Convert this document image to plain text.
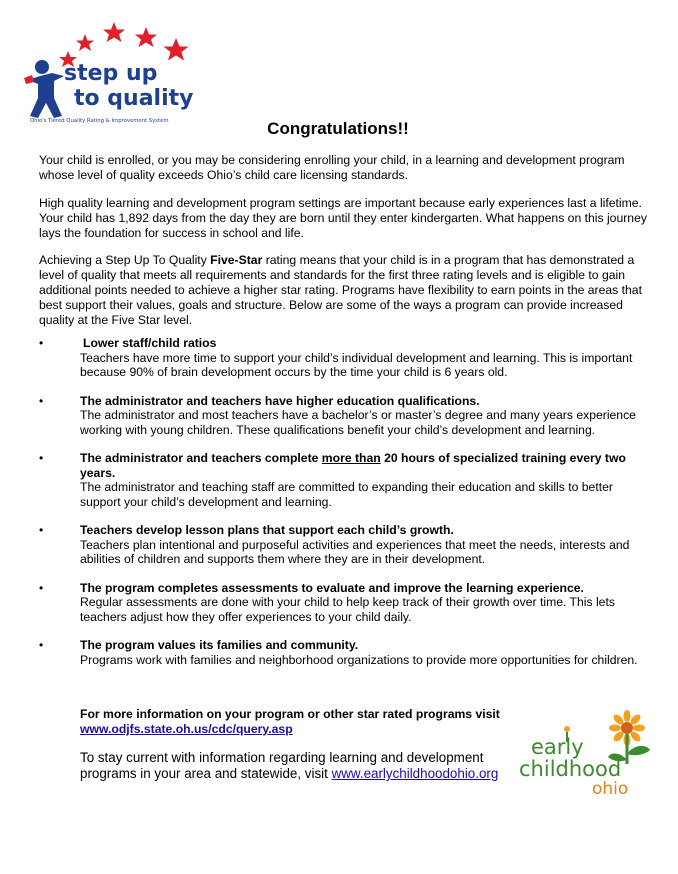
step up
to quality
Ohio's Tiered Quality Rating & Improvement System	Congratulations!!

Your child is enrolled, or you may be considering enrolling your child, in a learning and development program whose level of quality exceeds Ohio’s child care licensing standards.

High quality learning and development program settings are important because early experiences last a lifetime. Your child has 1,892 days from the day they are born until they enter kindergarten. What happens on this journey lays the foundation for success in school and life.

Achieving a Step Up To Quality Five-Star rating means that your child is in a program that has demonstrated a level of quality that meets all requirements and standards for the first three rating levels and is eligible to gain additional points needed to achieve a higher star rating. Programs have flexibility to earn points in the areas that best support their values, goals and structure. Below are some of the ways a program can provide increased quality at the Five Star level.

•	Lower staff/child ratios
Teachers have more time to support your child’s individual development and learning. This is important because 90% of brain development occurs by the time your child is 6 years old.
•	The administrator and teachers have higher education qualifications.
The administrator and most teachers have a bachelor’s or master’s degree and many years experience working with young children. These qualifications benefit your child’s development and learning.
•	The administrator and teachers complete more than 20 hours of specialized training every two years.
The administrator and teaching staff are committed to expanding their education and skills to better support your child’s development and learning.
•	Teachers develop lesson plans that support each child’s growth.
Teachers plan intentional and purposeful activities and experiences that meet the needs, interests and abilities of children and supports them where they are in their development.
•	The program completes assessments to evaluate and improve the learning experience.
Regular assessments are done with your child to help keep track of their growth over time. This lets teachers adjust how they offer experiences to your child daily.
•	The program values its families and community.
Programs work with families and neighborhood organizations to provide more opportunities for children.
For more information on your program or other star rated programs visit
www.odjfs.state.oh.us/cdc/query.asp
To stay current with information regarding learning and development programs in your area and statewide, visit www.earlychildhoodohio.org
early
childhood
ohio
